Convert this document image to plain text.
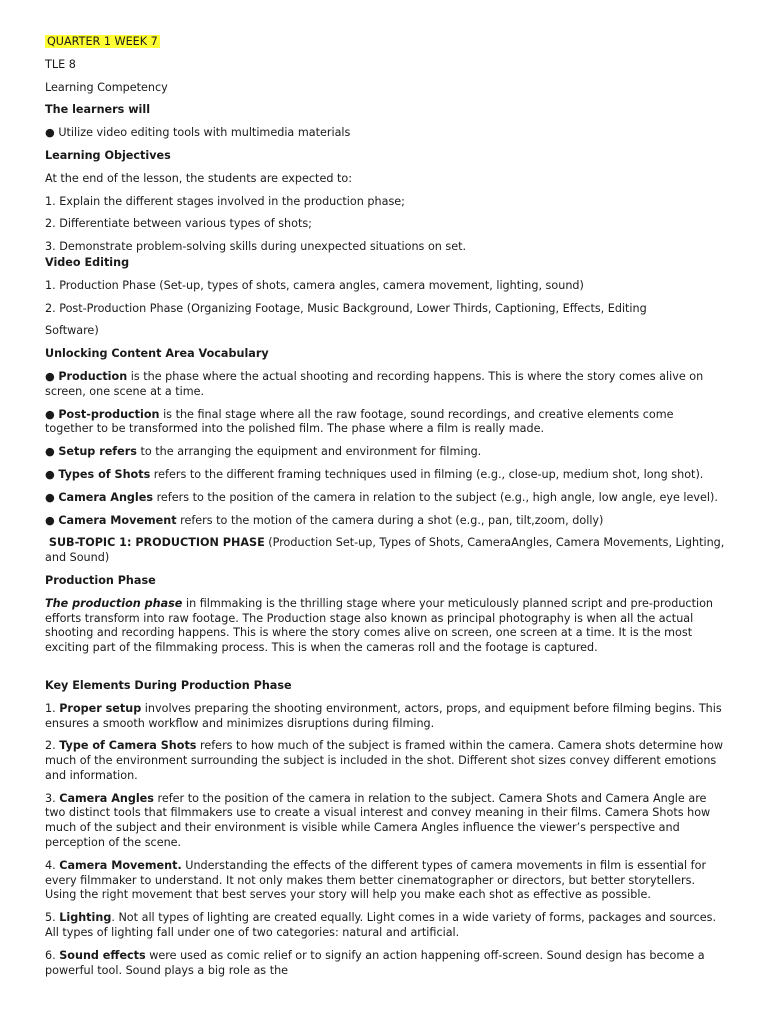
QUARTER 1 WEEK 7

TLE 8

Learning Competency

The learners will

● Utilize video editing tools with multimedia materials

Learning Objectives

At the end of the lesson, the students are expected to:

1. Explain the different stages involved in the production phase;

2. Differentiate between various types of shots;

3. Demonstrate problem-solving skills during unexpected situations on set.

Video Editing

1. Production Phase (Set-up, types of shots, camera angles, camera movement, lighting, sound)

2. Post-Production Phase (Organizing Footage, Music Background, Lower Thirds, Captioning, Effects, Editing

Software)

Unlocking Content Area Vocabulary

● Production is the phase where the actual shooting and recording happens. This is where the story comes alive on screen, one scene at a time.

● Post-production is the final stage where all the raw footage, sound recordings, and creative elements come together to be transformed into the polished film. The phase where a film is really made.

● Setup refers to the arranging the equipment and environment for filming.

● Types of Shots refers to the different framing techniques used in filming (e.g., close-up, medium shot, long shot).

● Camera Angles refers to the position of the camera in relation to the subject (e.g., high angle, low angle, eye level).

● Camera Movement refers to the motion of the camera during a shot (e.g., pan, tilt,zoom, dolly)

SUB-TOPIC 1: PRODUCTION PHASE (Production Set-up, Types of Shots, CameraAngles, Camera Movements, Lighting, and Sound)

Production Phase

The production phase in filmmaking is the thrilling stage where your meticulously planned script and pre-production efforts transform into raw footage. The Production stage also known as principal photography is when all the actual shooting and recording happens. This is where the story comes alive on screen, one screen at a time. It is the most exciting part of the filmmaking process. This is when the cameras roll and the footage is captured.

Key Elements During Production Phase

1. Proper setup involves preparing the shooting environment, actors, props, and equipment before filming begins. This ensures a smooth workflow and minimizes disruptions during filming.

2. Type of Camera Shots refers to how much of the subject is framed within the camera. Camera shots determine how much of the environment surrounding the subject is included in the shot. Different shot sizes convey different emotions and information.

3. Camera Angles refer to the position of the camera in relation to the subject. Camera Shots and Camera Angle are two distinct tools that filmmakers use to create a visual interest and convey meaning in their films. Camera Shots how much of the subject and their environment is visible while Camera Angles influence the viewer’s perspective and perception of the scene.

4. Camera Movement. Understanding the effects of the different types of camera movements in film is essential for every filmmaker to understand. It not only makes them better cinematographer or directors, but better storytellers. Using the right movement that best serves your story will help you make each shot as effective as possible.

5. Lighting. Not all types of lighting are created equally. Light comes in a wide variety of forms, packages and sources. All types of lighting fall under one of two categories: natural and artificial.

6. Sound effects were used as comic relief or to signify an action happening off-screen. Sound design has become a powerful tool. Sound plays a big role as the
